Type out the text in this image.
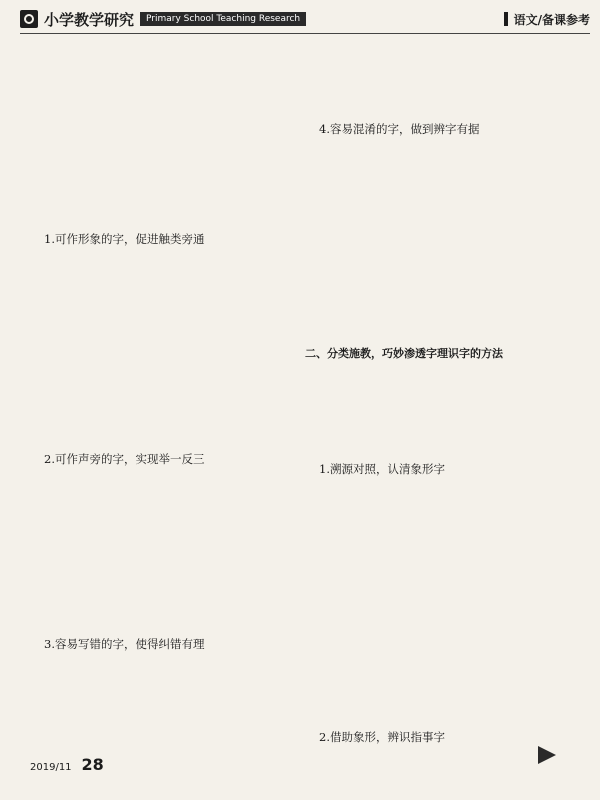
小学教学研究	Primary School Teaching Research	语文/备课参考

1.可作形象的字，促进触类旁通

2.可作声旁的字，实现举一反三

3.容易写错的字，使得纠错有理

4.容易混淆的字，做到辨字有据

二、分类施教，巧妙渗透字理识字的方法

1.溯源对照，认清象形字

2.借助象形，辨识指事字

2019/11 28
